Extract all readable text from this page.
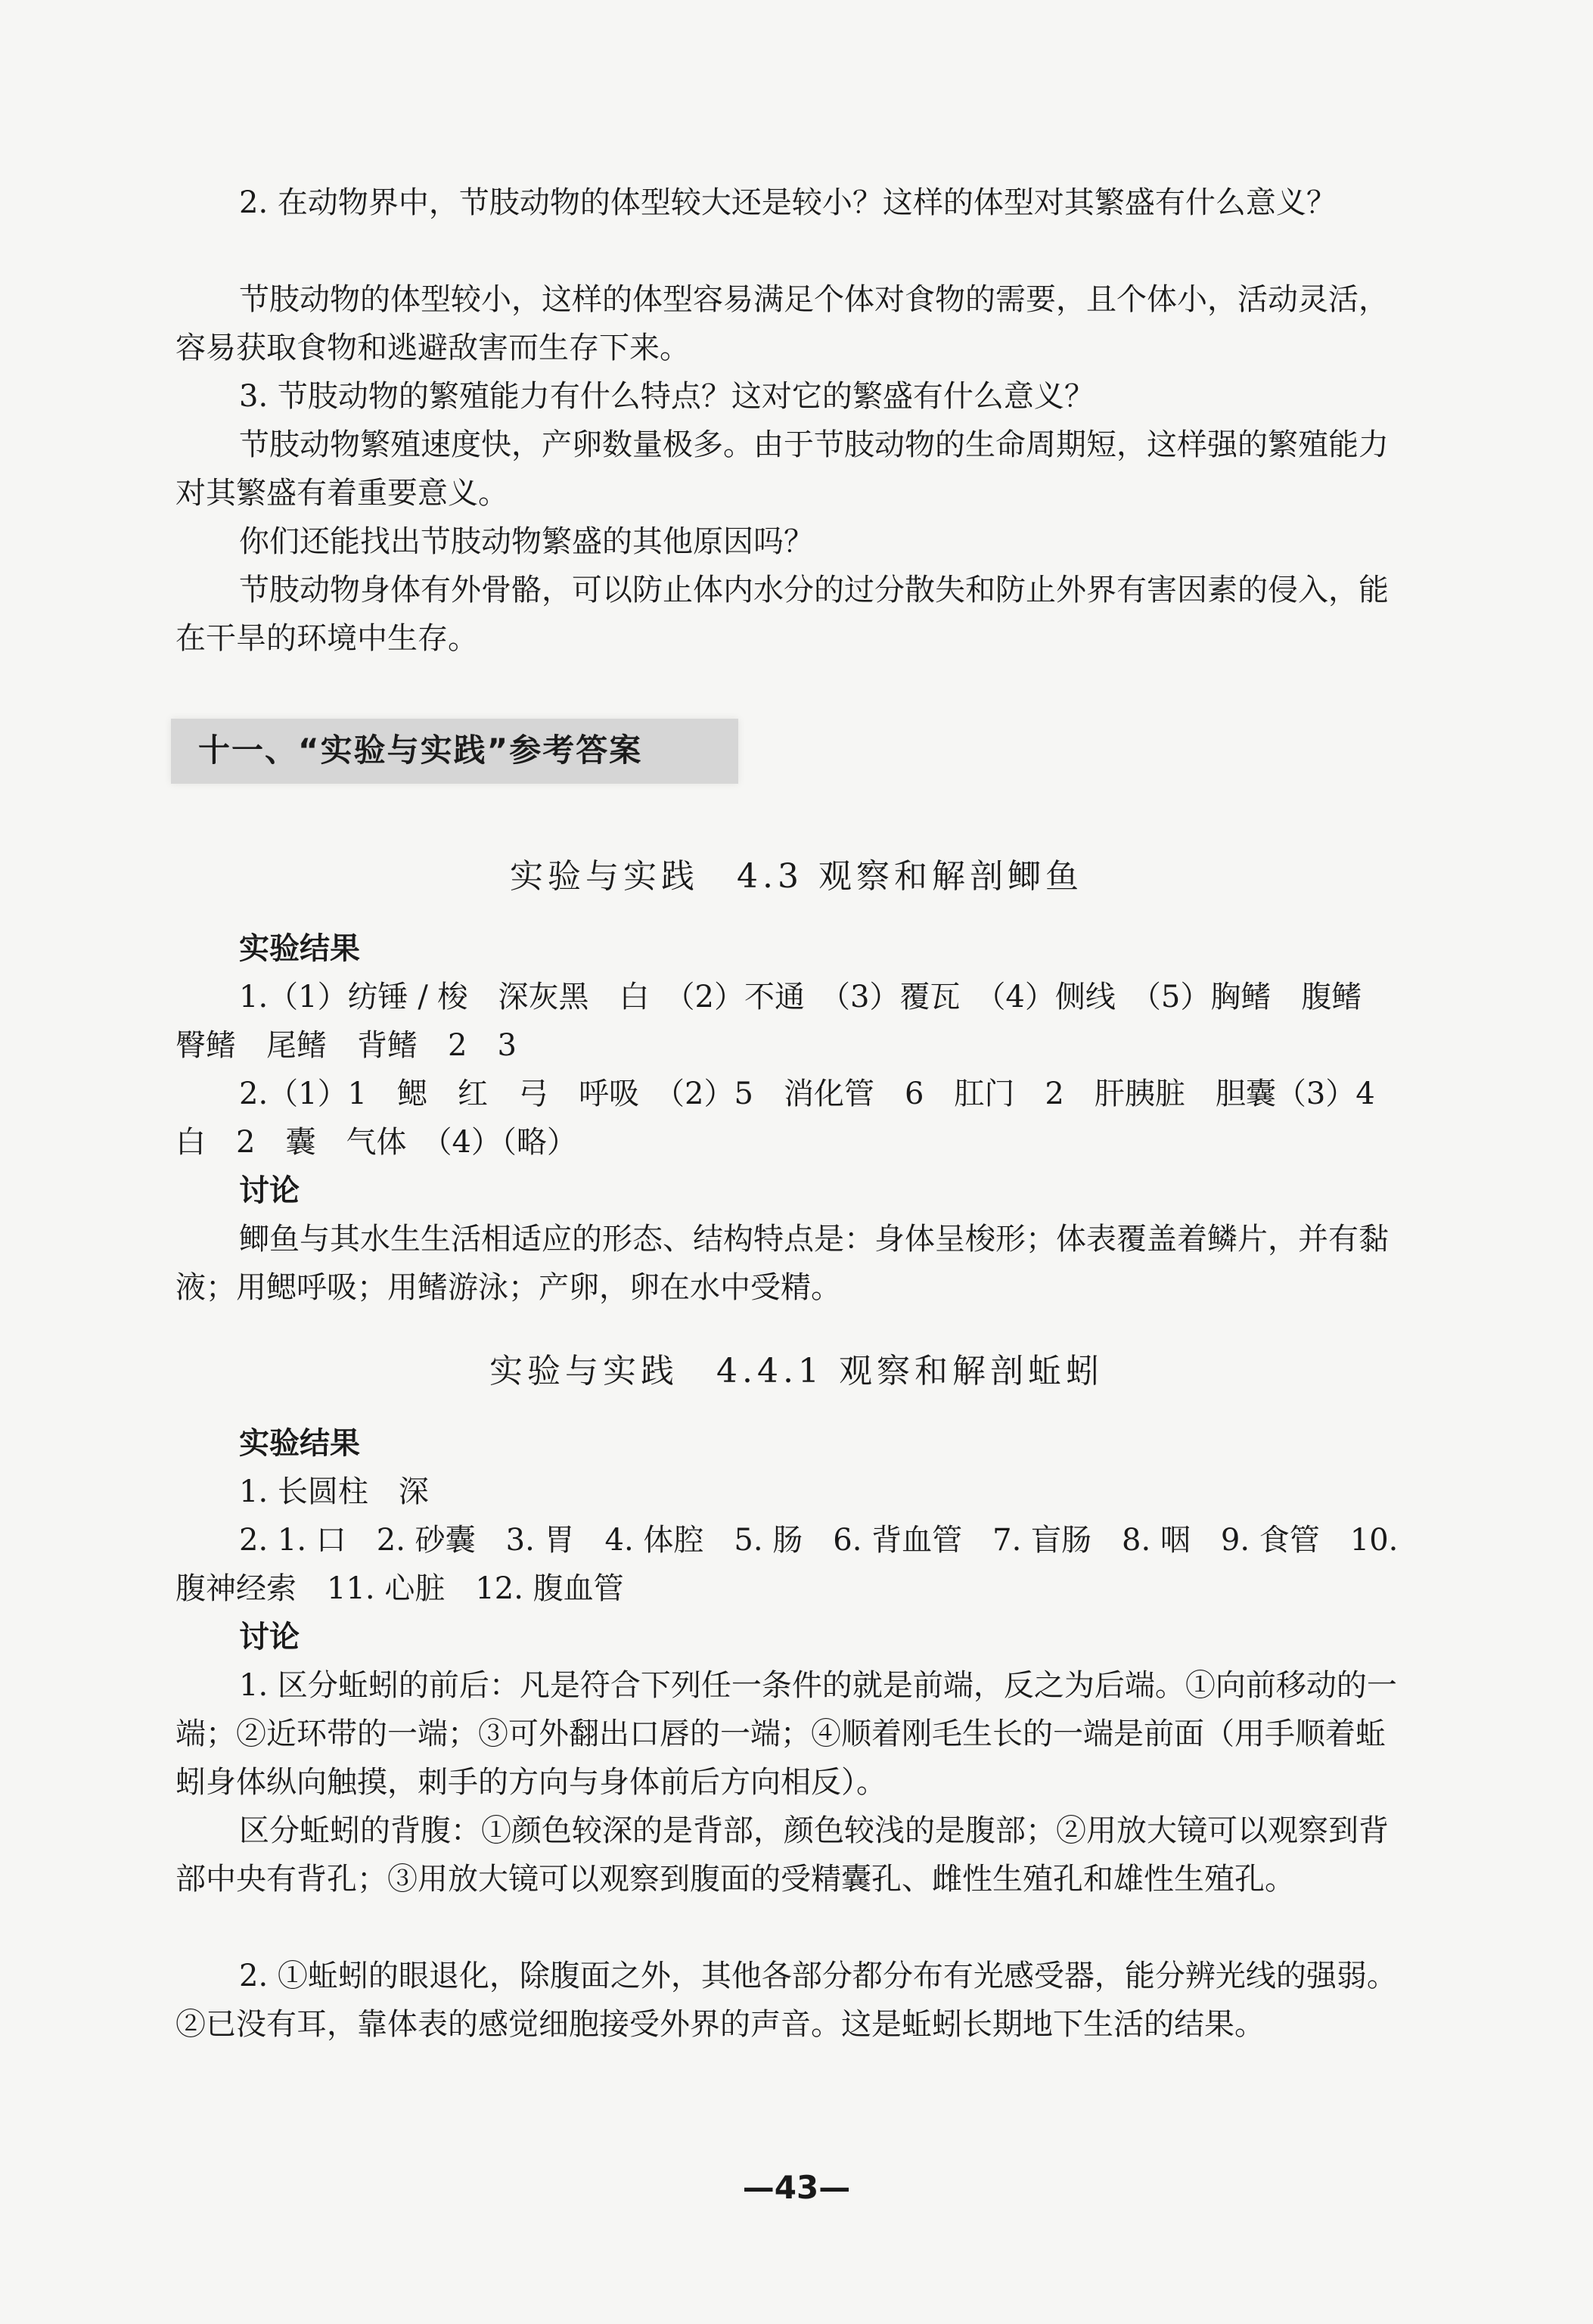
2. 在动物界中，节肢动物的体型较大还是较小？这样的体型对其繁盛有什么意义？
节肢动物的体型较小，这样的体型容易满足个体对食物的需要，且个体小，活动灵活，容易获取食物和逃避敌害而生存下来。
3. 节肢动物的繁殖能力有什么特点？这对它的繁盛有什么意义？
节肢动物繁殖速度快，产卵数量极多。由于节肢动物的生命周期短，这样强的繁殖能力对其繁盛有着重要意义。
你们还能找出节肢动物繁盛的其他原因吗？
节肢动物身体有外骨骼，可以防止体内水分的过分散失和防止外界有害因素的侵入，能在干旱的环境中生存。
十一、“实验与实践”参考答案
实验与实践　4.3 观察和解剖鲫鱼
实验结果
1.（1）纺锤 / 梭　深灰黑　白　（2）不通　（3）覆瓦　（4）侧线　（5）胸鳍　腹鳍　臀鳍　尾鳍　背鳍　2　3
2.（1）1　鳃　红　弓　呼吸　（2）5　消化管　6　肛门　2　肝胰脏　胆囊（3）4　白　2　囊　气体　（4）（略）
讨论
鲫鱼与其水生生活相适应的形态、结构特点是：身体呈梭形；体表覆盖着鳞片，并有黏液；用鳃呼吸；用鳍游泳；产卵，卵在水中受精。
实验与实践　4.4.1 观察和解剖蚯蚓
实验结果
1. 长圆柱　深
2. 1. 口　2. 砂囊　3. 胃　4. 体腔　5. 肠　6. 背血管　7. 盲肠　8. 咽　9. 食管　10. 腹神经索　11. 心脏　12. 腹血管
讨论
1. 区分蚯蚓的前后：凡是符合下列任一条件的就是前端，反之为后端。①向前移动的一端；②近环带的一端；③可外翻出口唇的一端；④顺着刚毛生长的一端是前面（用手顺着蚯蚓身体纵向触摸，刺手的方向与身体前后方向相反）。
区分蚯蚓的背腹：①颜色较深的是背部，颜色较浅的是腹部；②用放大镜可以观察到背部中央有背孔；③用放大镜可以观察到腹面的受精囊孔、雌性生殖孔和雄性生殖孔。
2. ①蚯蚓的眼退化，除腹面之外，其他各部分都分布有光感受器，能分辨光线的强弱。②已没有耳，靠体表的感觉细胞接受外界的声音。这是蚯蚓长期地下生活的结果。
—43—
